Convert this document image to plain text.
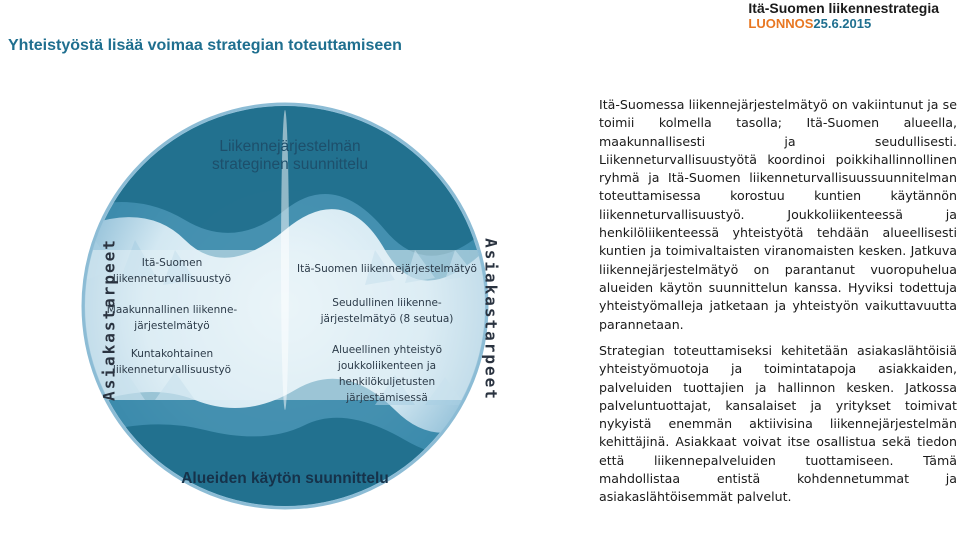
Yhteistyöstä lisää voimaa strategian toteuttamiseen
Itä-Suomen liikennestrategia
LUONNOS25.6.2015
Liikennejärjestelmän strateginen suunnittelu
Alueiden käytön suunnittelu
Asiakastarpeet	Asiakastarpeet
Itä-Suomen liikenneturvallisuustyö
Maakunnallinen liikenne-järjestelmätyö
Kuntakohtainen liikenneturvallisuustyö
Itä-Suomen liikennejärjestelmätyö
Seudullinen liikenne-järjestelmätyö (8 seutua)
Alueellinen yhteistyö joukkoliikenteen ja henkilökuljetusten järjestämisessä
Itä-Suomessa liikennejärjestelmätyö on vakiintunut ja se toimii kolmella tasolla; Itä-Suomen alueella, maakunnallisesti ja seudullisesti. Liikenneturvallisuustyötä koordinoi poikkihallinnollinen ryhmä ja Itä-Suomen liikenneturvallisuussuunnitelman toteuttamisessa korostuu kuntien käytännön liikenneturvallisuustyö. Joukkoliikenteessä ja henkilöliikenteessä yhteistyötä tehdään alueellisesti kuntien ja toimivaltaisten viranomaisten kesken. Jatkuva liikennejärjestelmätyö on parantanut vuoropuhelua alueiden käytön suunnittelun kanssa. Hyviksi todettuja yhteistyömalleja jatketaan ja yhteistyön vaikuttavuutta parannetaan.
Strategian toteuttamiseksi kehitetään asiakaslähtöisiä yhteistyömuotoja ja toimintatapoja asiakkaiden, palveluiden tuottajien ja hallinnon kesken. Jatkossa palveluntuottajat, kansalaiset ja yritykset toimivat nykyistä enemmän aktiivisina liikennejärjestelmän kehittäjinä. Asiakkaat voivat itse osallistua sekä tiedon että liikennepalveluiden tuottamiseen. Tämä mahdollistaa entistä kohdennetummat ja asiakaslähtöisemmät palvelut.
